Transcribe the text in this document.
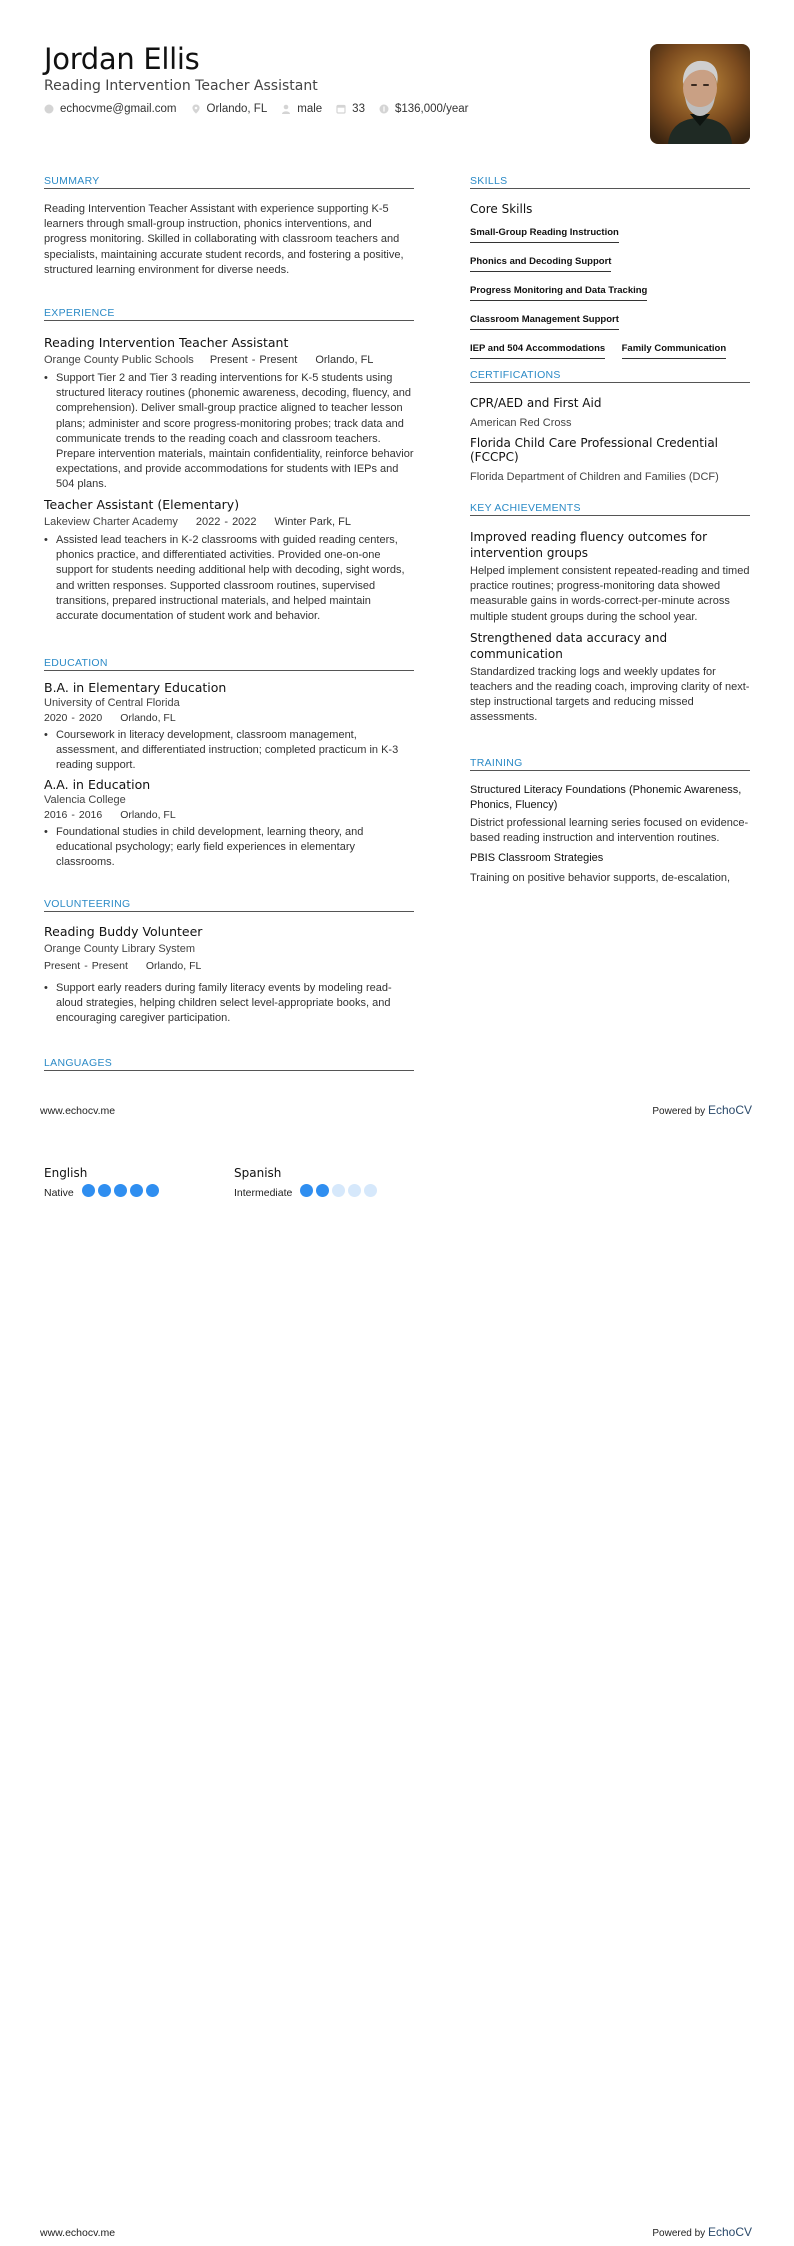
Jordan Ellis
Reading Intervention Teacher Assistant
echocvme@gmail.com	Orlando, FL	male	33	$136,000/year
SUMMARY
Reading Intervention Teacher Assistant with experience supporting K-5 learners through small-group instruction, phonics interventions, and progress monitoring. Skilled in collaborating with classroom teachers and specialists, maintaining accurate student records, and fostering a positive, structured learning environment for diverse needs.
EXPERIENCE
Reading Intervention Teacher Assistant
Orange County Public Schools Present - Present Orlando, FL
• Support Tier 2 and Tier 3 reading interventions for K-5 students using structured literacy routines (phonemic awareness, decoding, fluency, and comprehension). Deliver small-group practice aligned to teacher lesson plans; administer and score progress-monitoring probes; track data and communicate trends to the reading coach and classroom teachers. Prepare intervention materials, maintain confidentiality, reinforce behavior expectations, and provide accommodations for students with IEPs and 504 plans.
Teacher Assistant (Elementary)
Lakeview Charter Academy 2022 - 2022 Winter Park, FL
• Assisted lead teachers in K-2 classrooms with guided reading centers, phonics practice, and differentiated activities. Provided one-on-one support for students needing additional help with decoding, sight words, and written responses. Supported classroom routines, supervised transitions, prepared instructional materials, and helped maintain accurate documentation of student work and behavior.
EDUCATION
B.A. in Elementary Education
University of Central Florida
2020 - 2020 Orlando, FL
• Coursework in literacy development, classroom management, assessment, and differentiated instruction; completed practicum in K-3 reading support.
A.A. in Education
Valencia College
2016 - 2016 Orlando, FL
• Foundational studies in child development, learning theory, and educational psychology; early field experiences in elementary classrooms.
VOLUNTEERING
Reading Buddy Volunteer
Orange County Library System
Present - Present Orlando, FL
• Support early readers during family literacy events by modeling read-aloud strategies, helping children select level-appropriate books, and encouraging caregiver participation.
LANGUAGES
www.echocv.me	Powered by EchoCV
English
Native
Spanish
Intermediate
SKILLS
Core Skills
Small-Group Reading Instruction
Phonics and Decoding Support
Progress Monitoring and Data Tracking
Classroom Management Support
IEP and 504 Accommodations Family Communication
CERTIFICATIONS
CPR/AED and First Aid
American Red Cross
Florida Child Care Professional Credential (FCCPC)
Florida Department of Children and Families (DCF)
KEY ACHIEVEMENTS
Improved reading fluency outcomes for intervention groups
Helped implement consistent repeated-reading and timed practice routines; progress-monitoring data showed measurable gains in words-correct-per-minute across multiple student groups during the school year.
Strengthened data accuracy and communication
Standardized tracking logs and weekly updates for teachers and the reading coach, improving clarity of next-step instructional targets and reducing missed assessments.
TRAINING
Structured Literacy Foundations (Phonemic Awareness, Phonics, Fluency)
District professional learning series focused on evidence-based reading instruction and intervention routines.
PBIS Classroom Strategies
Training on positive behavior supports, de-escalation,
www.echocv.me	Powered by EchoCV
